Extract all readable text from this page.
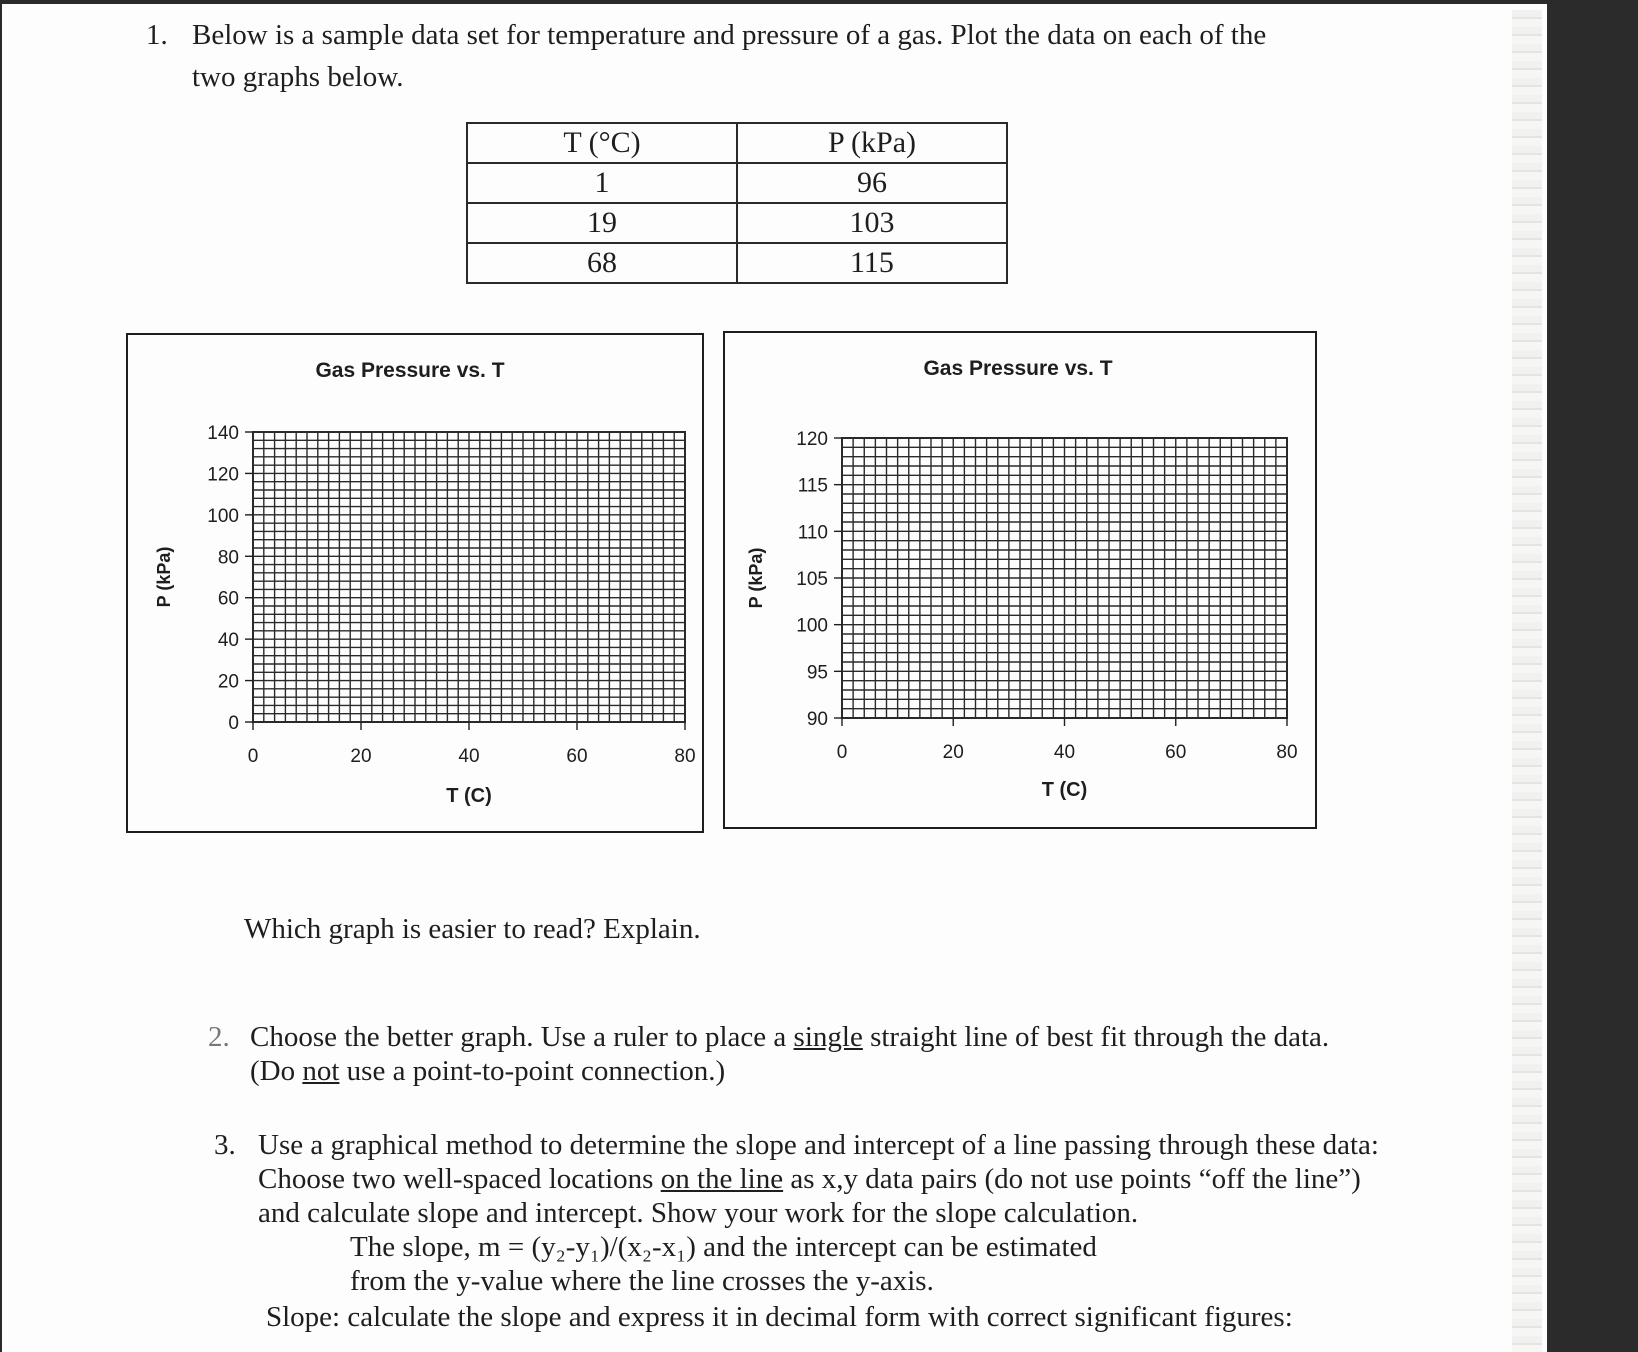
1. Below is a sample data set for temperature and pressure of a gas. Plot the data on each of the
two graphs below.
T (°C)	P (kPa)
1	96
19	103
68	115
Gas Pressure vs. T
0
20
40
60
80
100
120
140
0	20	40	60	80
P (kPa)
T (C)
Gas Pressure vs. T
90
95
100
105
110
115
120
0	20	40	60	80
P (kPa)
T (C)
Which graph is easier to read? Explain.
2. Choose the better graph. Use a ruler to place a single straight line of best fit through the data.
(Do not use a point-to-point connection.)
3. Use a graphical method to determine the slope and intercept of a line passing through these data:
Choose two well-spaced locations on the line as x,y data pairs (do not use points “off the line”)
and calculate slope and intercept. Show your work for the slope calculation.
The slope, m = (y₂-y₁)/(x₂-x₁) and the intercept can be estimated
from the y-value where the line crosses the y-axis.
Slope: calculate the slope and express it in decimal form with correct significant figures:
